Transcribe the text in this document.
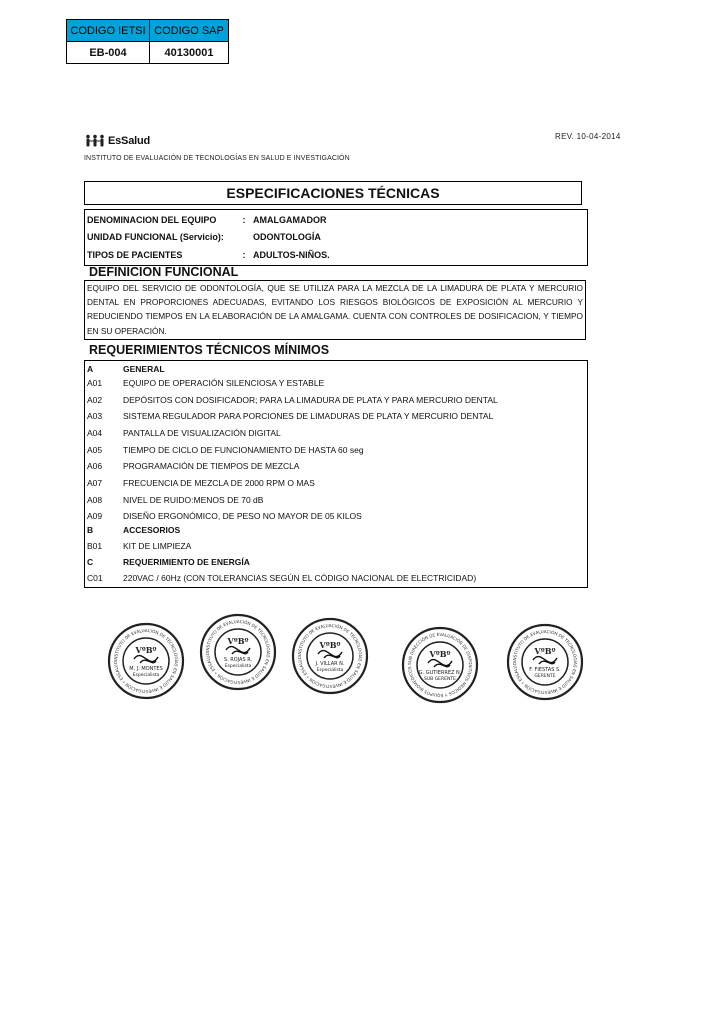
CODIGO IETSI	CODIGO SAP
EB-004	40130001
REV. 10-04-2014
EsSalud
INSTITUTO DE EVALUACIÓN DE TECNOLOGÍAS EN SALUD E INVESTIGACIÓN
ESPECIFICACIONES TÉCNICAS
DENOMINACION DEL EQUIPO	: AMALGAMADOR
UNIDAD FUNCIONAL (Servicio):	ODONTOLOGÍA
TIPOS DE PACIENTES	: ADULTOS-NIÑOS.
DEFINICION FUNCIONAL
EQUIPO DEL SERVICIO DE ODONTOLOGÍA, QUE SE UTILIZA PARA LA MEZCLA DE LA LIMADURA DE PLATA Y MERCURIO DENTAL EN PROPORCIONES ADECUADAS, EVITANDO LOS RIESGOS BIOLÓGICOS DE EXPOSICIÓN AL MERCURIO Y REDUCIENDO TIEMPOS EN LA ELABORACIÓN DE LA AMALGAMA. CUENTA CON CONTROLES DE DOSIFICACION, Y TIEMPO EN SU OPERACIÓN.
REQUERIMIENTOS TÉCNICOS MÍNIMOS
A	GENERAL
A01	EQUIPO DE OPERACIÓN SILENCIOSA Y ESTABLE
A02	DEPÓSITOS CON DOSIFICADOR; PARA LA LIMADURA DE PLATA Y PARA MERCURIO DENTAL
A03	SISTEMA REGULADOR PARA PORCIONES DE LIMADURAS DE PLATA Y MERCURIO DENTAL
A04	PANTALLA DE VISUALIZACIÓN DIGITAL
A05	TIEMPO DE CICLO DE FUNCIONAMIENTO DE HASTA 60 seg
A06	PROGRAMACIÓN DE TIEMPOS DE MEZCLA
A07	FRECUENCIA DE MEZCLA DE 2000 RPM O MAS
A08	NIVEL DE RUIDO:MENOS DE 70 dB
A09	DISEÑO ERGONÓMICO, DE PESO NO MAYOR DE 05 KILOS
B	ACCESORIOS
B01	KIT DE LIMPIEZA
C	REQUERIMIENTO DE ENERGÍA
C01	220VAC / 60Hz (CON TOLERANCIAS SEGÚN EL CÓDIGO NACIONAL DE ELECTRICIDAD)
INSTITUTO DE EVALUACIÓN DE TECNOLOGÍAS EN SALUD E INVESTIGACIÓN • ESSALUD •
VºBº
M. J. MONTES
Especialista
INSTITUTO DE EVALUACIÓN DE TECNOLOGÍAS EN SALUD E INVESTIGACIÓN • ESSALUD •
VºBº
S. ROJAS R.
Especialista
INSTITUTO DE EVALUACIÓN DE TECNOLOGÍAS EN SALUD E INVESTIGACIÓN • ESSALUD •
VºBº
J. VILLAR N.
Especialista
SUB DIRECCIÓN DE EVALUACIÓN DE DISPOSITIVOS MÉDICOS Y EQUIPOS BIOMÉDICOS • ESSALUD •
VºBº
G. GUTIERREZ N.
SUB GERENTE
INSTITUTO DE EVALUACIÓN DE TECNOLOGÍAS EN SALUD E INVESTIGACIÓN • ESSALUD •
VºBº
F. FIESTAS S.
GERENTE
